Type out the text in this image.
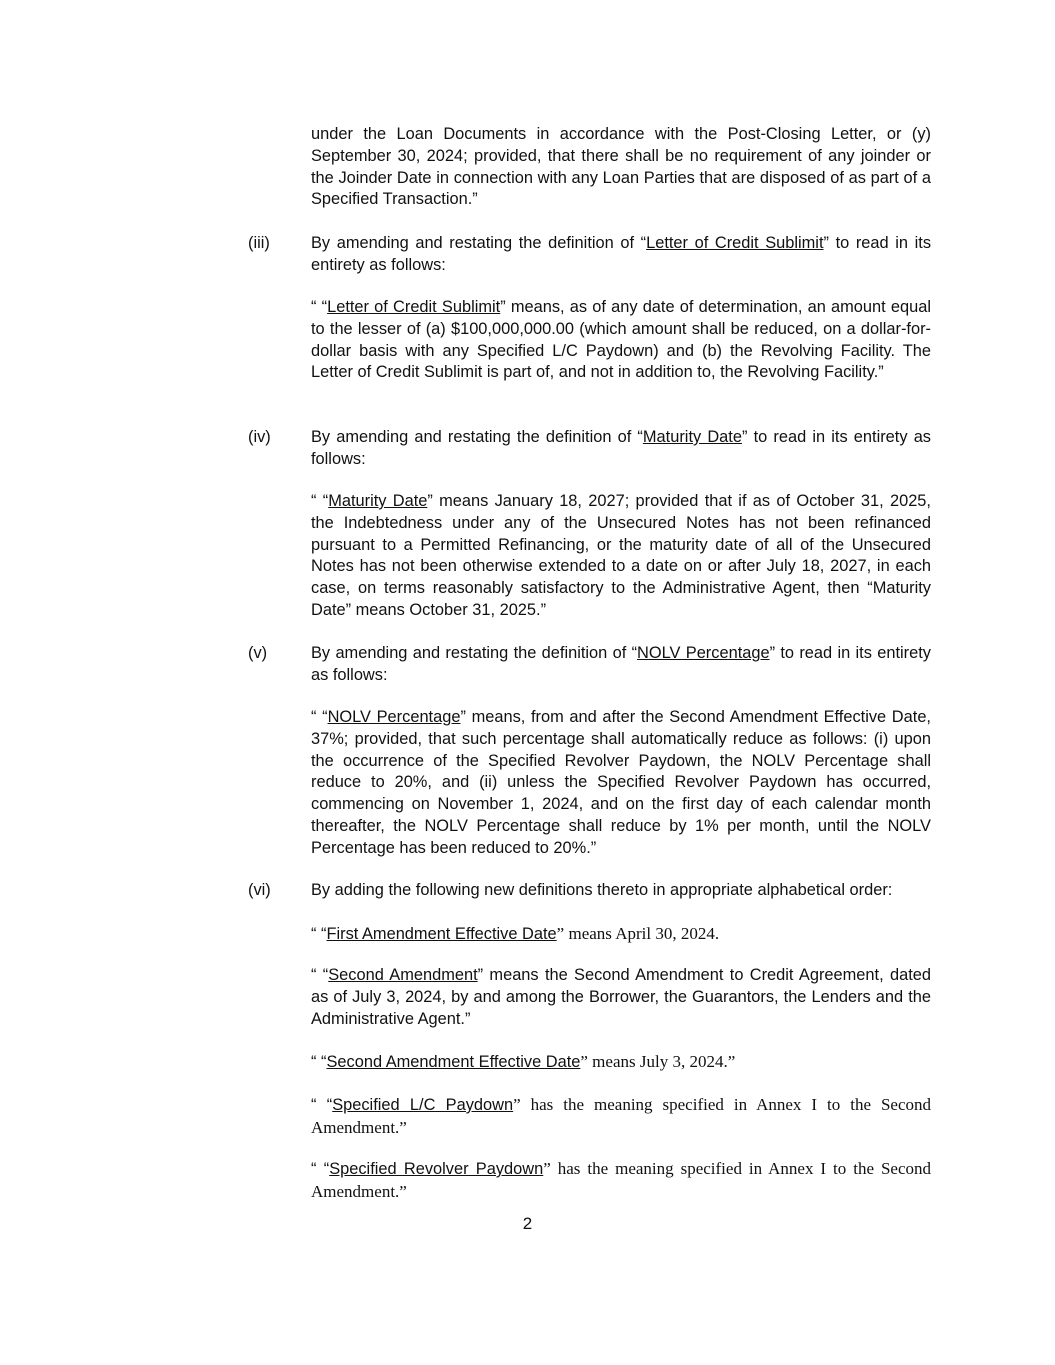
under the Loan Documents in accordance with the Post-Closing Letter, or (y) September 30, 2024; provided, that there shall be no requirement of any joinder or the Joinder Date in connection with any Loan Parties that are disposed of as part of a Specified Transaction.”

(iii)	By amending and restating the definition of “Letter of Credit Sublimit” to read in its entirety as follows:

“ “Letter of Credit Sublimit” means, as of any date of determination, an amount equal to the lesser of (a) $100,000,000.00 (which amount shall be reduced, on a dollar-for-dollar basis with any Specified L/C Paydown) and (b) the Revolving Facility. The Letter of Credit Sublimit is part of, and not in addition to, the Revolving Facility.”

(iv) By amending and restating the definition of “Maturity Date” to read in its entirety as follows:

“ “Maturity Date” means January 18, 2027; provided that if as of October 31, 2025, the Indebtedness under any of the Unsecured Notes has not been refinanced pursuant to a Permitted Refinancing, or the maturity date of all of the Unsecured Notes has not been otherwise extended to a date on or after July 18, 2027, in each case, on terms reasonably satisfactory to the Administrative Agent, then “Maturity Date” means October 31, 2025.”

(v)	By amending and restating the definition of “NOLV Percentage” to read in its entirety as follows:

“ “NOLV Percentage” means, from and after the Second Amendment Effective Date, 37%; provided, that such percentage shall automatically reduce as follows: (i) upon the occurrence of the Specified Revolver Paydown, the NOLV Percentage shall reduce to 20%, and (ii) unless the Specified Revolver Paydown has occurred, commencing on November 1, 2024, and on the first day of each calendar month thereafter, the NOLV Percentage shall reduce by 1% per month, until the NOLV Percentage has been reduced to 20%.”

(vi) By adding the following new definitions thereto in appropriate alphabetical order:

“ “First Amendment Effective Date” means April 30, 2024.

“ “Second Amendment” means the Second Amendment to Credit Agreement, dated as of July 3, 2024, by and among the Borrower, the Guarantors, the Lenders and the Administrative Agent.”

“ “Second Amendment Effective Date” means July 3, 2024.”

“ “Specified L/C Paydown” has the meaning specified in Annex I to the Second Amendment.”

“ “Specified Revolver Paydown” has the meaning specified in Annex I to the Second Amendment.”

2
